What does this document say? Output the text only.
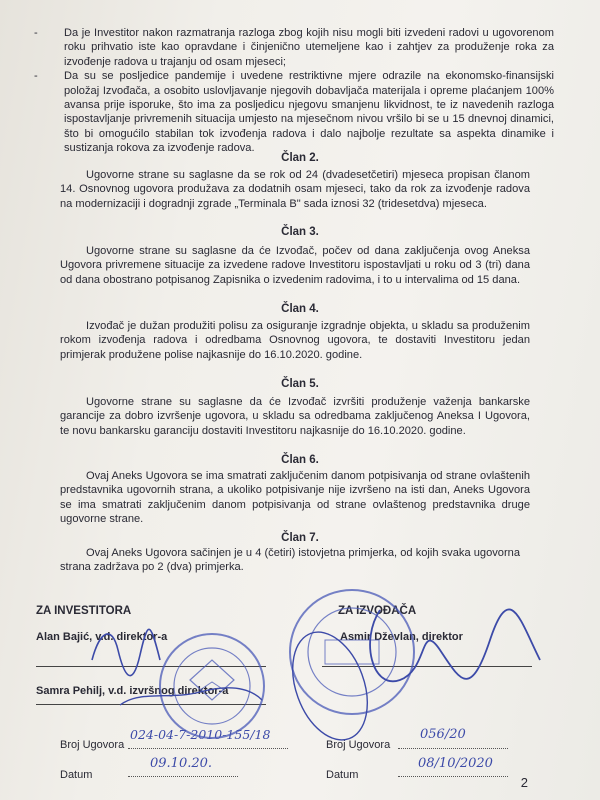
-	Da je Investitor nakon razmatranja razloga zbog kojih nisu mogli biti izvedeni radovi u ugovorenom roku prihvatio iste kao opravdane i činjenično utemeljene kao i zahtjev za produženje roka za izvođenje radova u trajanju od osam mjeseci;

-	Da su se posljedice pandemije i uvedene restriktivne mjere odrazile na ekonomsko-finansijski položaj Izvođača, a osobito uslovljavanje njegovih dobavljača materijala i opreme plaćanjem 100% avansa prije isporuke, što ima za posljedicu njegovu smanjenu likvidnost, te iz navedenih razloga ispostavljanje privremenih situacija umjesto na mjesečnom nivou vršilo bi se u 15 dnevnoj dinamici, što bi omogućilo stabilan tok izvođenja radova i dalo najbolje rezultate sa aspekta dinamike i sustizanja rokova za izvođenje radova.

Član 2.

Ugovorne strane su saglasne da se rok od 24 (dvadesetčetiri) mjeseca propisan članom 14. Osnovnog ugovora produžava za dodatnih osam mjeseci, tako da rok za izvođenje radova na modernizaciji i dogradnji zgrade „Terminala B" sada iznosi 32 (tridesetdva) mjeseca.

Član 3.

Ugovorne strane su saglasne da će Izvođač, počev od dana zaključenja ovog Aneksa Ugovora privremene situacije za izvedene radove Investitoru ispostavljati u roku od 3 (tri) dana od dana obostrano potpisanog Zapisnika o izvedenim radovima, i to u intervalima od 15 dana.

Član 4.

Izvođač je dužan produžiti polisu za osiguranje izgradnje objekta, u skladu sa produženim rokom izvođenja radova i odredbama Osnovnog ugovora, te dostaviti Investitoru jedan primjerak produžene polise najkasnije do 16.10.2020. godine.

Član 5.

Ugovorne strane su saglasne da će Izvođač izvršiti produženje važenja bankarske garancije za dobro izvršenje ugovora, u skladu sa odredbama zaključenog Aneksa I Ugovora, te novu bankarsku garanciju dostaviti Investitoru najkasnije do 16.10.2020. godine.

Član 6.

Ovaj Aneks Ugovora se ima smatrati zaključenim danom potpisivanja od strane ovlaštenih predstavnika ugovornih strana, a ukoliko potpisivanje nije izvršeno na isti dan, Aneks Ugovora se ima smatrati zaključenim danom potpisivanja od strane ovlaštenog predstavnika druge ugovorne strane.

Član 7.

Ovaj Aneks Ugovora sačinjen je u 4 (četiri) istovjetna primjerka, od kojih svaka ugovorna strana zadržava po 2 (dva) primjerka.

ZA INVESTITORA	ZA IZVOĐAČA
Alan Bajić, v.d. direktor-a	Asmir Dževlan, direktor
Samra Pehilj, v.d. izvršnog direktor-a
Broj Ugovora
024-04-7-2010-155/18
Broj Ugovora
056/20
Datum
09.10.20.
Datum
08/10/2020
2
